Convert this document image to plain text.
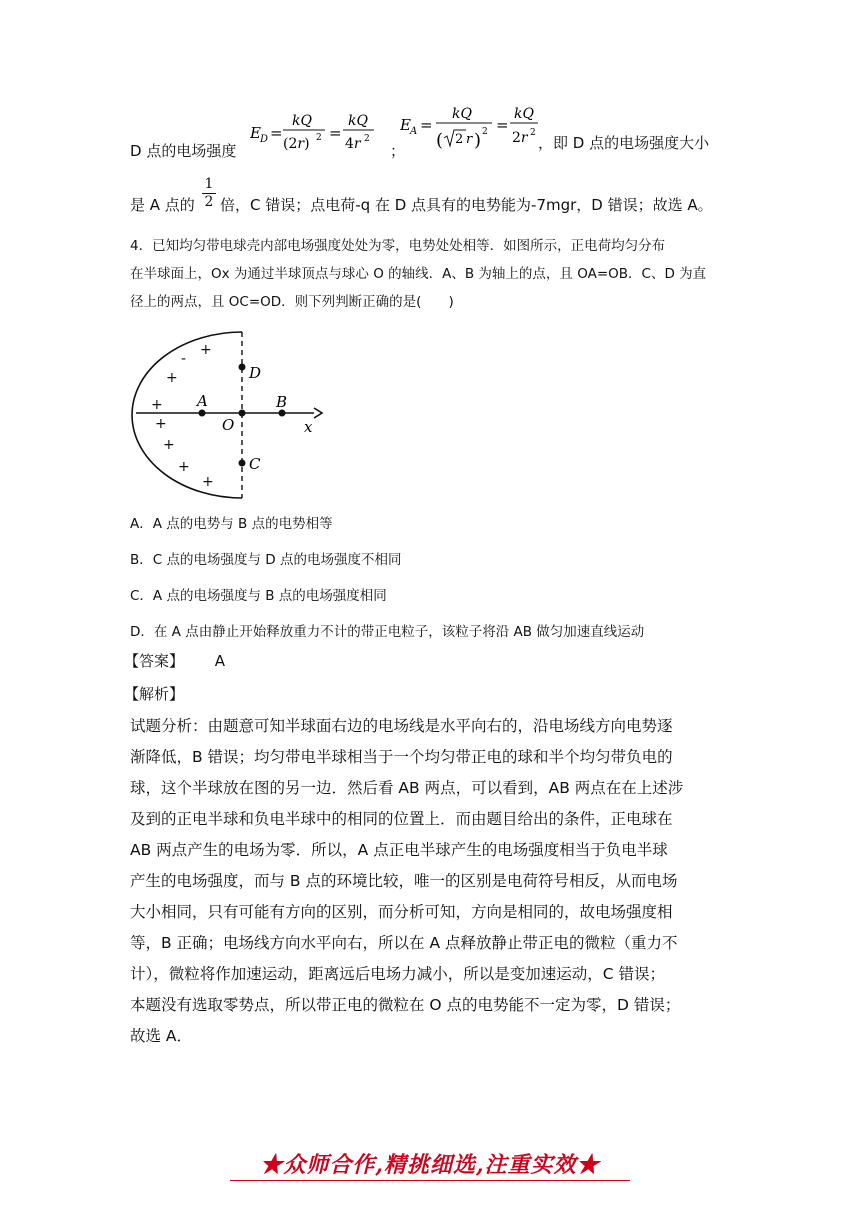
D 点的电场强度
E D =
kQ
(2r) 2 =
kQ
4r 2
；
E A =
kQ
( 2 r ) 2 =
kQ
2r 2
，即 D 点的电场强度大小
是 A 点的 $\frac{1}{2}$ 倍，C 错误；点电荷-q 在 D 点具有的电势能为-7mgr，D 错误；故选 A。
4．已知均匀带电球壳内部电场强度处处为零，电势处处相等．如图所示，正电荷均匀分布
在半球面上，Ox 为通过半球顶点与球心 O 的轴线．A、B 为轴上的点，且 OA=OB．C、D 为直
径上的两点，且 OC=OD．则下列判断正确的是(　　)
A	B
O	x
D
C
+
-
+
+
+
+
+
+
A．A 点的电势与 B 点的电势相等
B．C 点的电场强度与 D 点的电场强度不相同
C．A 点的电场强度与 B 点的电场强度相同
D．在 A 点由静止开始释放重力不计的带正电粒子，该粒子将沿 AB 做匀加速直线运动
【答案】 A
【解析】
试题分析：由题意可知半球面右边的电场线是水平向右的，沿电场线方向电势逐
渐降低，B 错误；均匀带电半球相当于一个均匀带正电的球和半个均匀带负电的
球，这个半球放在图的另一边．然后看 AB 两点，可以看到，AB 两点在在上述涉
及到的正电半球和负电半球中的相同的位置上．而由题目给出的条件，正电球在
AB 两点产生的电场为零．所以，A 点正电半球产生的电场强度相当于负电半球
产生的电场强度，而与 B 点的环境比较，唯一的区别是电荷符号相反，从而电场
大小相同，只有可能有方向的区别，而分析可知，方向是相同的，故电场强度相
等，B 正确；电场线方向水平向右，所以在 A 点释放静止带正电的微粒（重力不
计），微粒将作加速运动，距离远后电场力减小，所以是变加速运动，C 错误；
本题没有选取零势点，所以带正电的微粒在 O 点的电势能不一定为零，D 错误；
故选 A．
★众师合作,精挑细选,注重实效★
